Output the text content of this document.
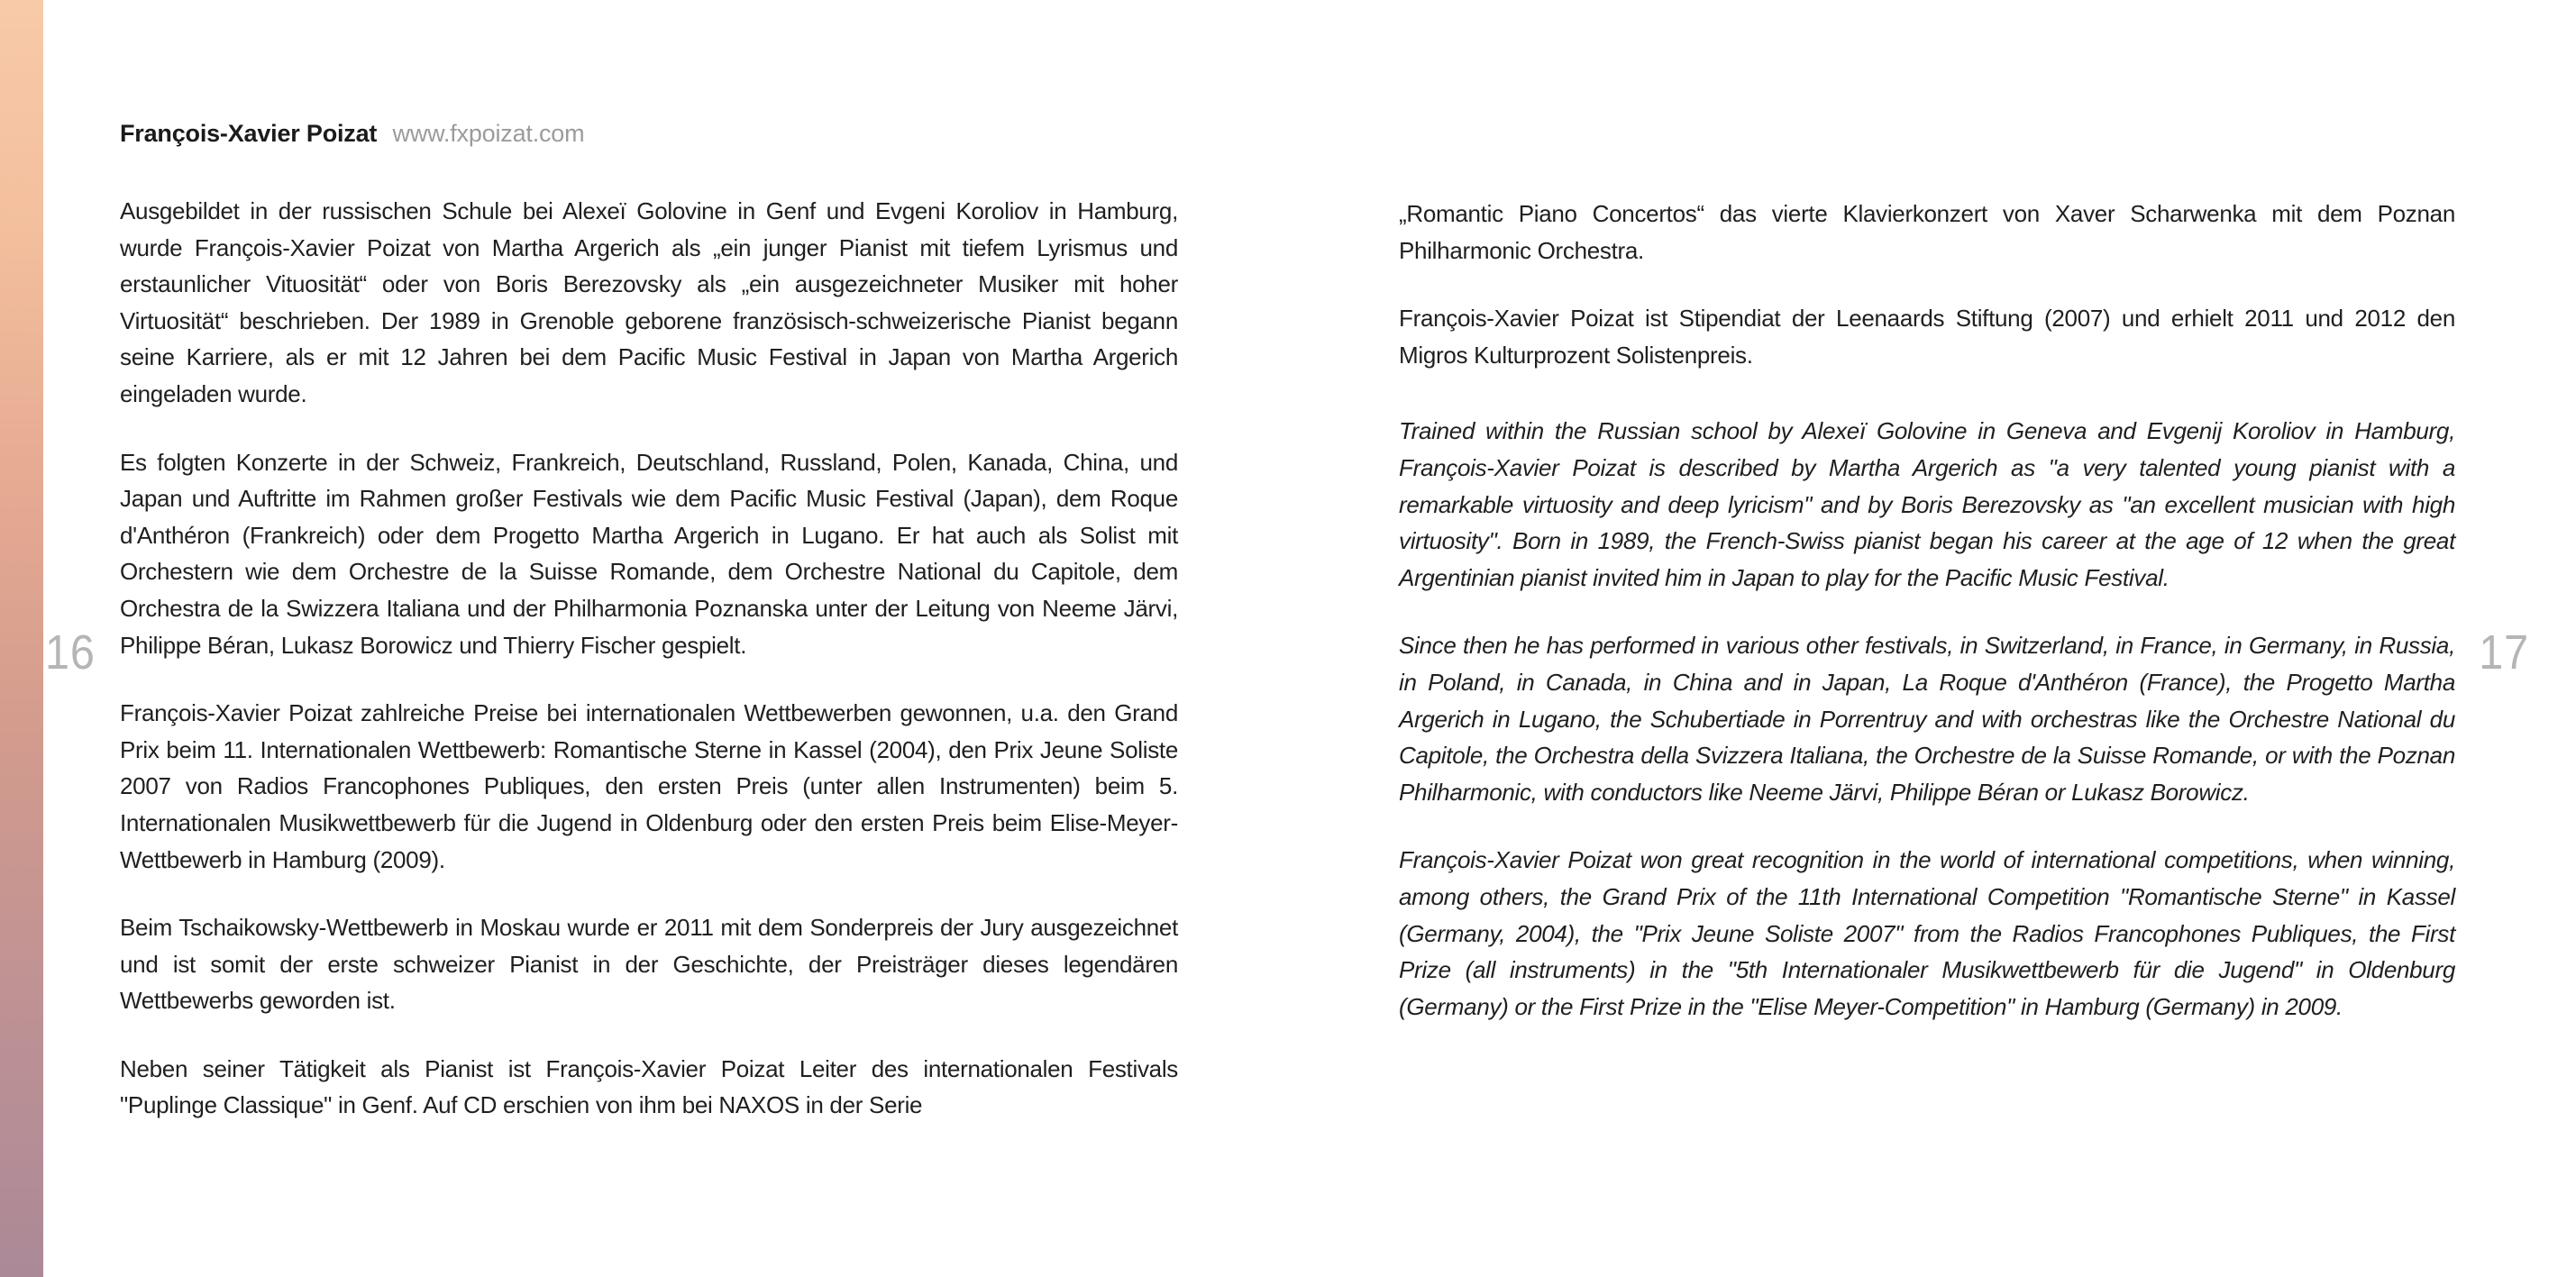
16	17
François-Xavier Poizat www.fxpoizat.com

Ausgebildet in der russischen Schule bei Alexeï Golovine in Genf und Evgeni Koroliov in Hamburg, wurde François-Xavier Poizat von Martha Argerich als „ein junger Pianist mit tiefem Lyrismus und erstaunlicher Vituosität“ oder von Boris Berezovsky als „ein ausgezeichneter Musiker mit hoher Virtuosität“ beschrieben. Der 1989 in Grenoble geborene französisch-schweizerische Pianist begann seine Karriere, als er mit 12 Jahren bei dem Pacific Music Festival in Japan von Martha Argerich eingeladen wurde.

Es folgten Konzerte in der Schweiz, Frankreich, Deutschland, Russland, Polen, Kanada, China, und Japan und Auftritte im Rahmen großer Festivals wie dem Pacific Music Festival (Japan), dem Roque d'Anthéron (Frankreich) oder dem Progetto Martha Argerich in Lugano. Er hat auch als Solist mit Orchestern wie dem Orchestre de la Suisse Romande, dem Orchestre National du Capitole, dem Orchestra de la Swizzera Italiana und der Philharmonia Poznanska unter der Leitung von Neeme Järvi, Philippe Béran, Lukasz Borowicz und Thierry Fischer gespielt.

François-Xavier Poizat zahlreiche Preise bei internationalen Wettbewerben gewonnen, u.a. den Grand Prix beim 11. Internationalen Wettbewerb: Romantische Sterne in Kassel (2004), den Prix Jeune Soliste 2007 von Radios Francophones Publiques, den ersten Preis (unter allen Instrumenten) beim 5. Internationalen Musikwettbewerb für die Jugend in Oldenburg oder den ersten Preis beim Elise-Meyer-Wettbewerb in Hamburg (2009).

Beim Tschaikowsky-Wettbewerb in Moskau wurde er 2011 mit dem Sonderpreis der Jury ausgezeichnet und ist somit der erste schweizer Pianist in der Geschichte, der Preisträger dieses legendären Wettbewerbs geworden ist.

Neben seiner Tätigkeit als Pianist ist François-Xavier Poizat Leiter des internationalen Festivals "Puplinge Classique" in Genf. Auf CD erschien von ihm bei NAXOS in der Serie

„Romantic Piano Concertos“ das vierte Klavierkonzert von Xaver Scharwenka mit dem Poznan Philharmonic Orchestra.

François-Xavier Poizat ist Stipendiat der Leenaards Stiftung (2007) und erhielt 2011 und 2012 den Migros Kulturprozent Solistenpreis.

Trained within the Russian school by Alexeï Golovine in Geneva and Evgenij Koroliov in Hamburg, François-Xavier Poizat is described by Martha Argerich as "a very talented young pianist with a remarkable virtuosity and deep lyricism" and by Boris Berezovsky as "an excellent musician with high virtuosity". Born in 1989, the French-Swiss pianist began his career at the age of 12 when the great Argentinian pianist invited him in Japan to play for the Pacific Music Festival.

Since then he has performed in various other festivals, in Switzerland, in France, in Germany, in Russia, in Poland, in Canada, in China and in Japan, La Roque d'Anthéron (France), the Progetto Martha Argerich in Lugano, the Schubertiade in Porrentruy and with orchestras like the Orchestre National du Capitole, the Orchestra della Svizzera Italiana, the Orchestre de la Suisse Romande, or with the Poznan Philharmonic, with conductors like Neeme Järvi, Philippe Béran or Lukasz Borowicz.

François-Xavier Poizat won great recognition in the world of international competitions, when winning, among others, the Grand Prix of the 11th International Competition "Romantische Sterne" in Kassel (Germany, 2004), the "Prix Jeune Soliste 2007" from the Radios Francophones Publiques, the First Prize (all instruments) in the "5th Internationaler Musikwettbewerb für die Jugend" in Oldenburg (Germany) or the First Prize in the "Elise Meyer-Competition" in Hamburg (Germany) in 2009.
